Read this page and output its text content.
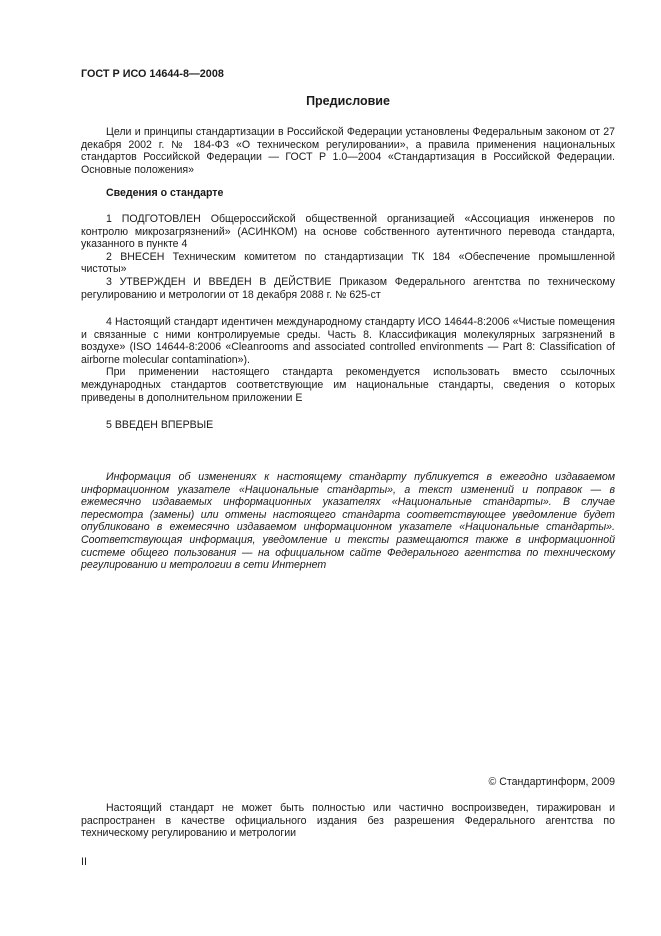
ГОСТ Р ИСО 14644-8—2008
Предисловие

Цели и принципы стандартизации в Российской Федерации установлены Федеральным законом от 27 декабря 2002 г. № 184-ФЗ «О техническом регулировании», а правила применения национальных стандартов Российской Федерации — ГОСТ Р 1.0—2004 «Стандартизация в Российской Федерации. Основные положения»

Сведения о стандарте

1 ПОДГОТОВЛЕН Общероссийской общественной организацией «Ассоциация инженеров по контролю микрозагрязнений» (АСИНКОМ) на основе собственного аутентичного перевода стандарта, указанного в пункте 4

2 ВНЕСЕН Техническим комитетом по стандартизации ТК 184 «Обеспечение промышленной чистоты»

3 УТВЕРЖДЕН И ВВЕДЕН В ДЕЙСТВИЕ Приказом Федерального агентства по техническому регулированию и метрологии от 18 декабря 2088 г. № 625-ст

4 Настоящий стандарт идентичен международному стандарту ИСО 14644-8:2006 «Чистые помещения и связанные с ними контролируемые среды. Часть 8. Классификация молекулярных загрязнений в воздухе» (ISO 14644-8:2006 «Cleanrooms and associated controlled environments — Part 8: Classification of airborne molecular contamination»).

При применении настоящего стандарта рекомендуется использовать вместо ссылочных международных стандартов соответствующие им национальные стандарты, сведения о которых приведены в дополнительном приложении Е

5 ВВЕДЕН ВПЕРВЫЕ

Информация об изменениях к настоящему стандарту публикуется в ежегодно издаваемом информационном указателе «Национальные стандарты», а текст изменений и поправок — в ежемесячно издаваемых информационных указателях «Национальные стандарты». В случае пересмотра (замены) или отмены настоящего стандарта соответствующее уведомление будет опубликовано в ежемесячно издаваемом информационном указателе «Национальные стандарты». Соответствующая информация, уведомление и тексты размещаются также в информационной системе общего пользования — на официальном сайте Федерального агентства по техническому регулированию и метрологии в сети Интернет

© Стандартинформ, 2009

Настоящий стандарт не может быть полностью или частично воспроизведен, тиражирован и распространен в качестве официального издания без разрешения Федерального агентства по техническому регулированию и метрологии

II
